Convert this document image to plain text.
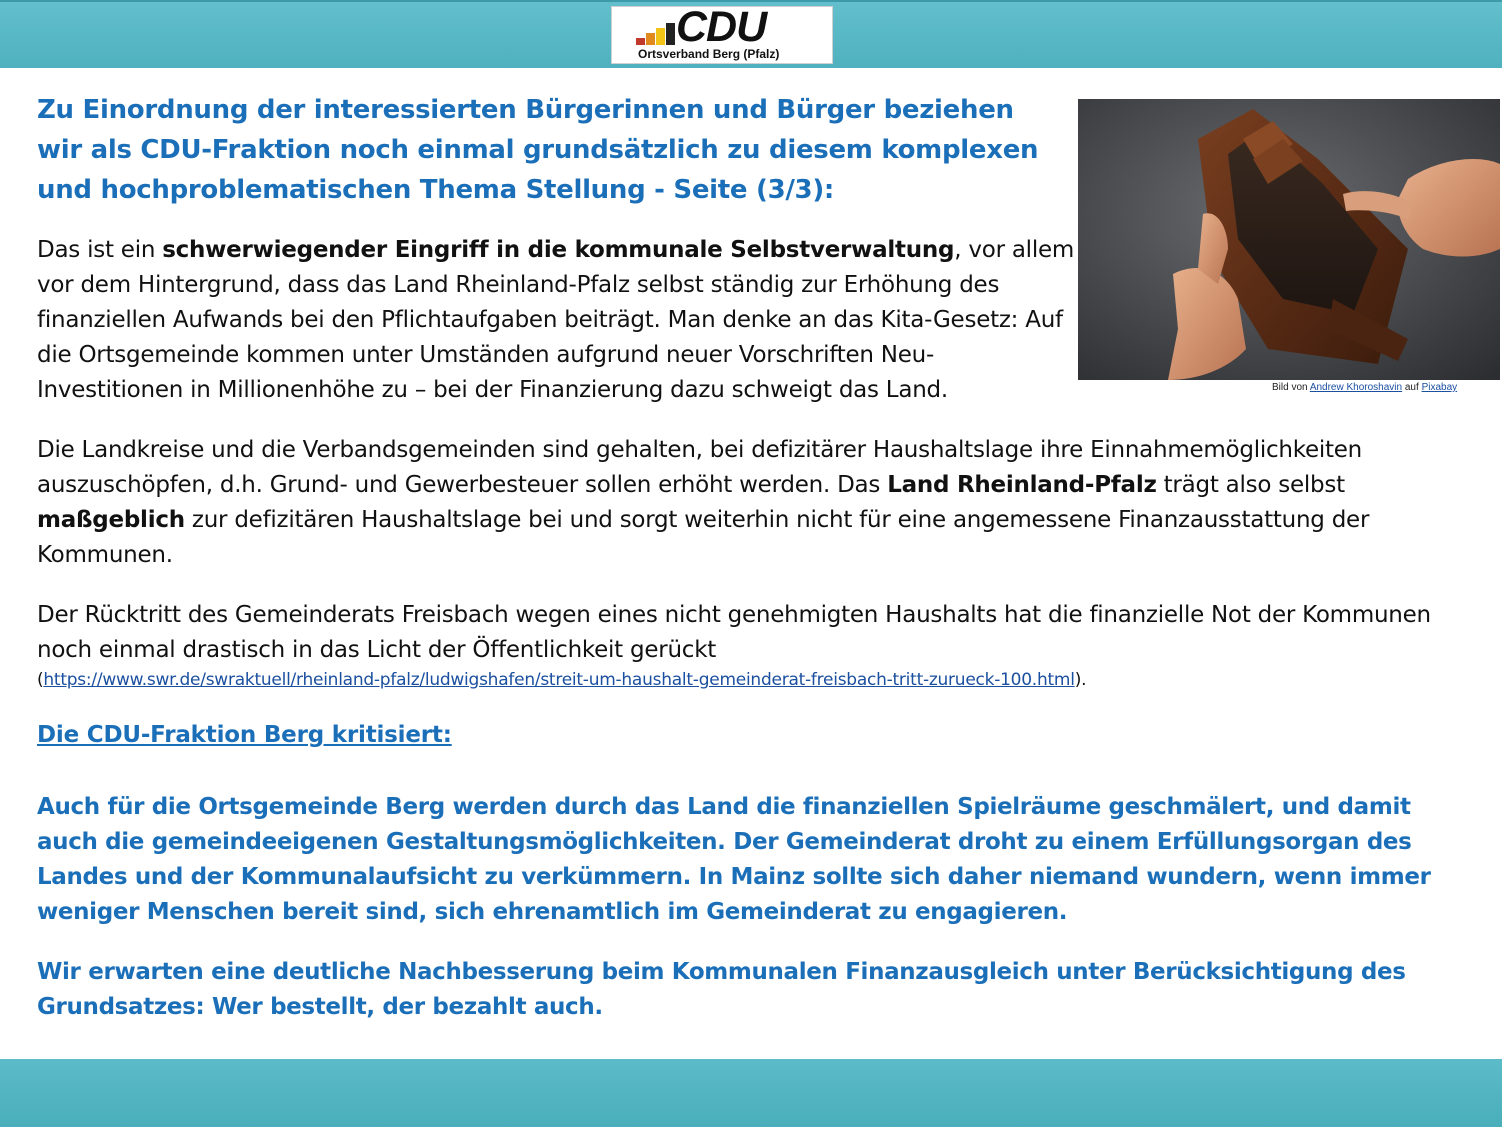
CDU
Ortsverband Berg (Pfalz)
Zu Einordnung der interessierten Bürgerinnen und Bürger beziehen wir als CDU-Fraktion noch einmal grundsätzlich zu diesem komplexen und hochproblematischen Thema Stellung - Seite (3/3):
Bild von Andrew Khoroshavin auf Pixabay
Das ist ein schwerwiegender Eingriff in die kommunale Selbstverwaltung, vor allem vor dem Hintergrund, dass das Land Rheinland-Pfalz selbst ständig zur Erhöhung des finanziellen Aufwands bei den Pflichtaufgaben beiträgt. Man denke an das Kita-Gesetz: Auf die Ortsgemeinde kommen unter Umständen aufgrund neuer Vorschriften Neu-Investitionen in Millionenhöhe zu – bei der Finanzierung dazu schweigt das Land.
Die Landkreise und die Verbandsgemeinden sind gehalten, bei defizitärer Haushaltslage ihre Einnahmemöglichkeiten auszuschöpfen, d.h. Grund- und Gewerbesteuer sollen erhöht werden. Das Land Rheinland-Pfalz trägt also selbst maßgeblich zur defizitären Haushaltslage bei und sorgt weiterhin nicht für eine angemessene Finanzausstattung der Kommunen.
Der Rücktritt des Gemeinderats Freisbach wegen eines nicht genehmigten Haushalts hat die finanzielle Not der Kommunen noch einmal drastisch in das Licht der Öffentlichkeit gerückt
(https://www.swr.de/swraktuell/rheinland-pfalz/ludwigshafen/streit-um-haushalt-gemeinderat-freisbach-tritt-zurueck-100.html).
Die CDU-Fraktion Berg kritisiert:
Auch für die Ortsgemeinde Berg werden durch das Land die finanziellen Spielräume geschmälert, und damit auch die gemeindeeigenen Gestaltungsmöglichkeiten. Der Gemeinderat droht zu einem Erfüllungsorgan des Landes und der Kommunalaufsicht zu verkümmern. In Mainz sollte sich daher niemand wundern, wenn immer weniger Menschen bereit sind, sich ehrenamtlich im Gemeinderat zu engagieren.
Wir erwarten eine deutliche Nachbesserung beim Kommunalen Finanzausgleich unter Berücksichtigung des Grundsatzes: Wer bestellt, der bezahlt auch.
